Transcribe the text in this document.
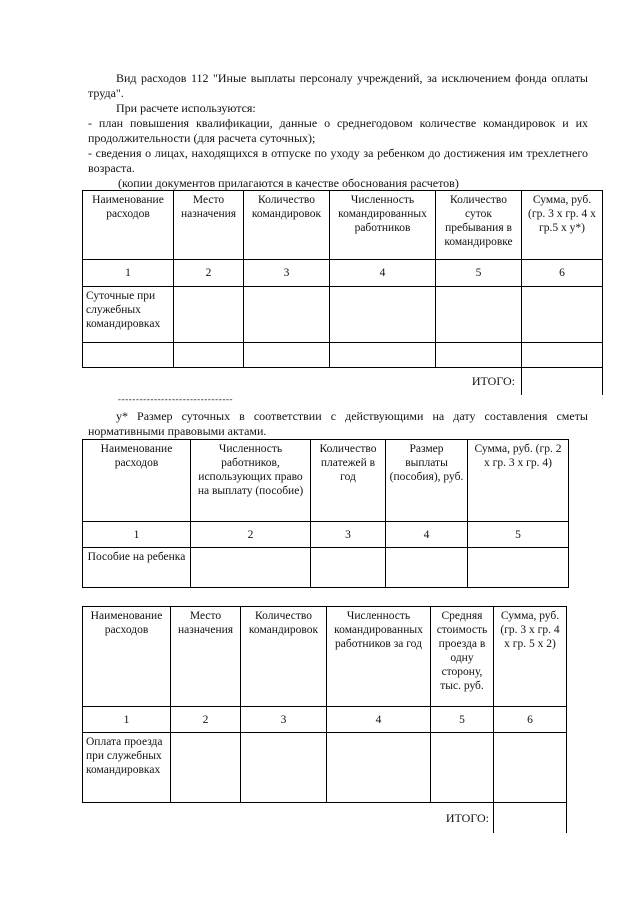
Вид расходов 112 "Иные выплаты персоналу учреждений, за исключением фонда оплаты труда".
При расчете используются:
- план повышения квалификации, данные о среднегодовом количестве командировок и их продолжительности (для расчета суточных);
- сведения о лицах, находящихся в отпуске по уходу за ребенком до достижения им трехлетнего возраста.
(копии документов прилагаются в качестве обоснования расчетов)
Наименование расходов	Место назначения	Количество командировок	Численность командированных работников	Количество суток пребывания в командировке	Сумма, руб. (гр. 3 х гр. 4 х гр.5 х у*)
1	2	3	4	5	6
Суточные при служебных командировках					

ИТОГО:					
--------------------------------
у* Размер суточных в соответствии с действующими на дату составления сметы нормативными правовыми актами.
Наименование расходов	Численность работников, использующих право на выплату (пособие)	Количество платежей в год	Размер выплаты (пособия), руб.	Сумма, руб. (гр. 2 х гр. 3 х гр. 4)
1	2	3	4	5
Пособие на ребенка				
Наименование расходов	Место назначения	Количество командировок	Численность командированных работников за год	Средняя стоимость проезда в одну сторону, тыс. руб.	Сумма, руб. (гр. 3 х гр. 4 х гр. 5 х 2)
1	2	3	4	5	6
Оплата проезда при служебных командировках					
ИТОГО:					
